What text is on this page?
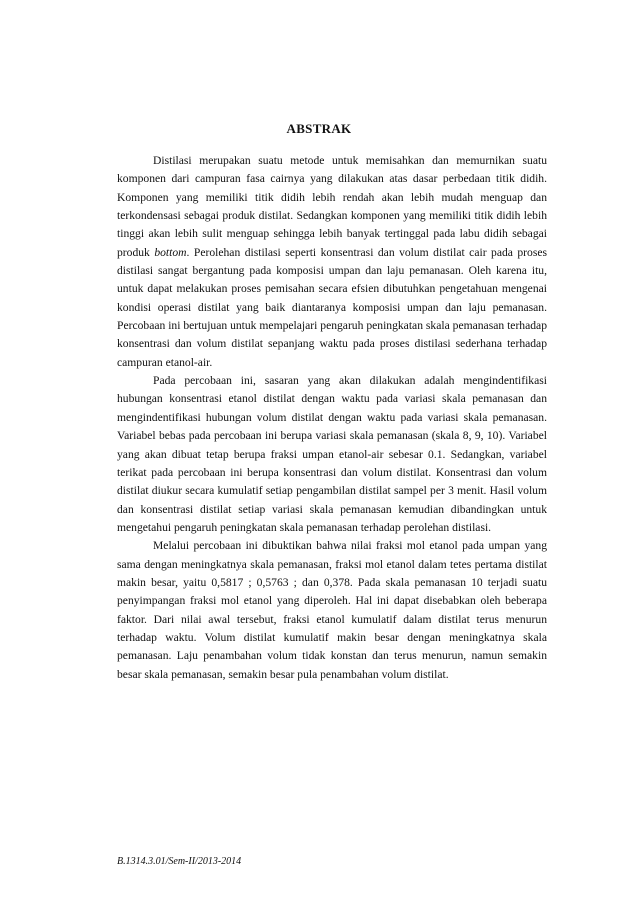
ABSTRAK

Distilasi merupakan suatu metode untuk memisahkan dan memurnikan suatu komponen dari campuran fasa cairnya yang dilakukan atas dasar perbedaan titik didih. Komponen yang memiliki titik didih lebih rendah akan lebih mudah menguap dan terkondensasi sebagai produk distilat. Sedangkan komponen yang memiliki titik didih lebih tinggi akan lebih sulit menguap sehingga lebih banyak tertinggal pada labu didih sebagai produk bottom. Perolehan distilasi seperti konsentrasi dan volum distilat cair pada proses distilasi sangat bergantung pada komposisi umpan dan laju pemanasan. Oleh karena itu, untuk dapat melakukan proses pemisahan secara efsien dibutuhkan pengetahuan mengenai kondisi operasi distilat yang baik diantaranya komposisi umpan dan laju pemanasan. Percobaan ini bertujuan untuk mempelajari pengaruh peningkatan skala pemanasan terhadap konsentrasi dan volum distilat sepanjang waktu pada proses distilasi sederhana terhadap campuran etanol-air.

Pada percobaan ini, sasaran yang akan dilakukan adalah mengindentifikasi hubungan konsentrasi etanol distilat dengan waktu pada variasi skala pemanasan dan mengindentifikasi hubungan volum distilat dengan waktu pada variasi skala pemanasan. Variabel bebas pada percobaan ini berupa variasi skala pemanasan (skala 8, 9, 10). Variabel yang akan dibuat tetap berupa fraksi umpan etanol-air sebesar 0.1. Sedangkan, variabel terikat pada percobaan ini berupa konsentrasi dan volum distilat. Konsentrasi dan volum distilat diukur secara kumulatif setiap pengambilan distilat sampel per 3 menit. Hasil volum dan konsentrasi distilat setiap variasi skala pemanasan kemudian dibandingkan untuk mengetahui pengaruh peningkatan skala pemanasan terhadap perolehan distilasi.

Melalui percobaan ini dibuktikan bahwa nilai fraksi mol etanol pada umpan yang sama dengan meningkatnya skala pemanasan, fraksi mol etanol dalam tetes pertama distilat makin besar, yaitu 0,5817 ; 0,5763 ; dan 0,378. Pada skala pemanasan 10 terjadi suatu penyimpangan fraksi mol etanol yang diperoleh. Hal ini dapat disebabkan oleh beberapa faktor. Dari nilai awal tersebut, fraksi etanol kumulatif dalam distilat terus menurun terhadap waktu. Volum distilat kumulatif makin besar dengan meningkatnya skala pemanasan. Laju penambahan volum tidak konstan dan terus menurun, namun semakin besar skala pemanasan, semakin besar pula penambahan volum distilat.

B.1314.3.01/Sem-II/2013-2014
